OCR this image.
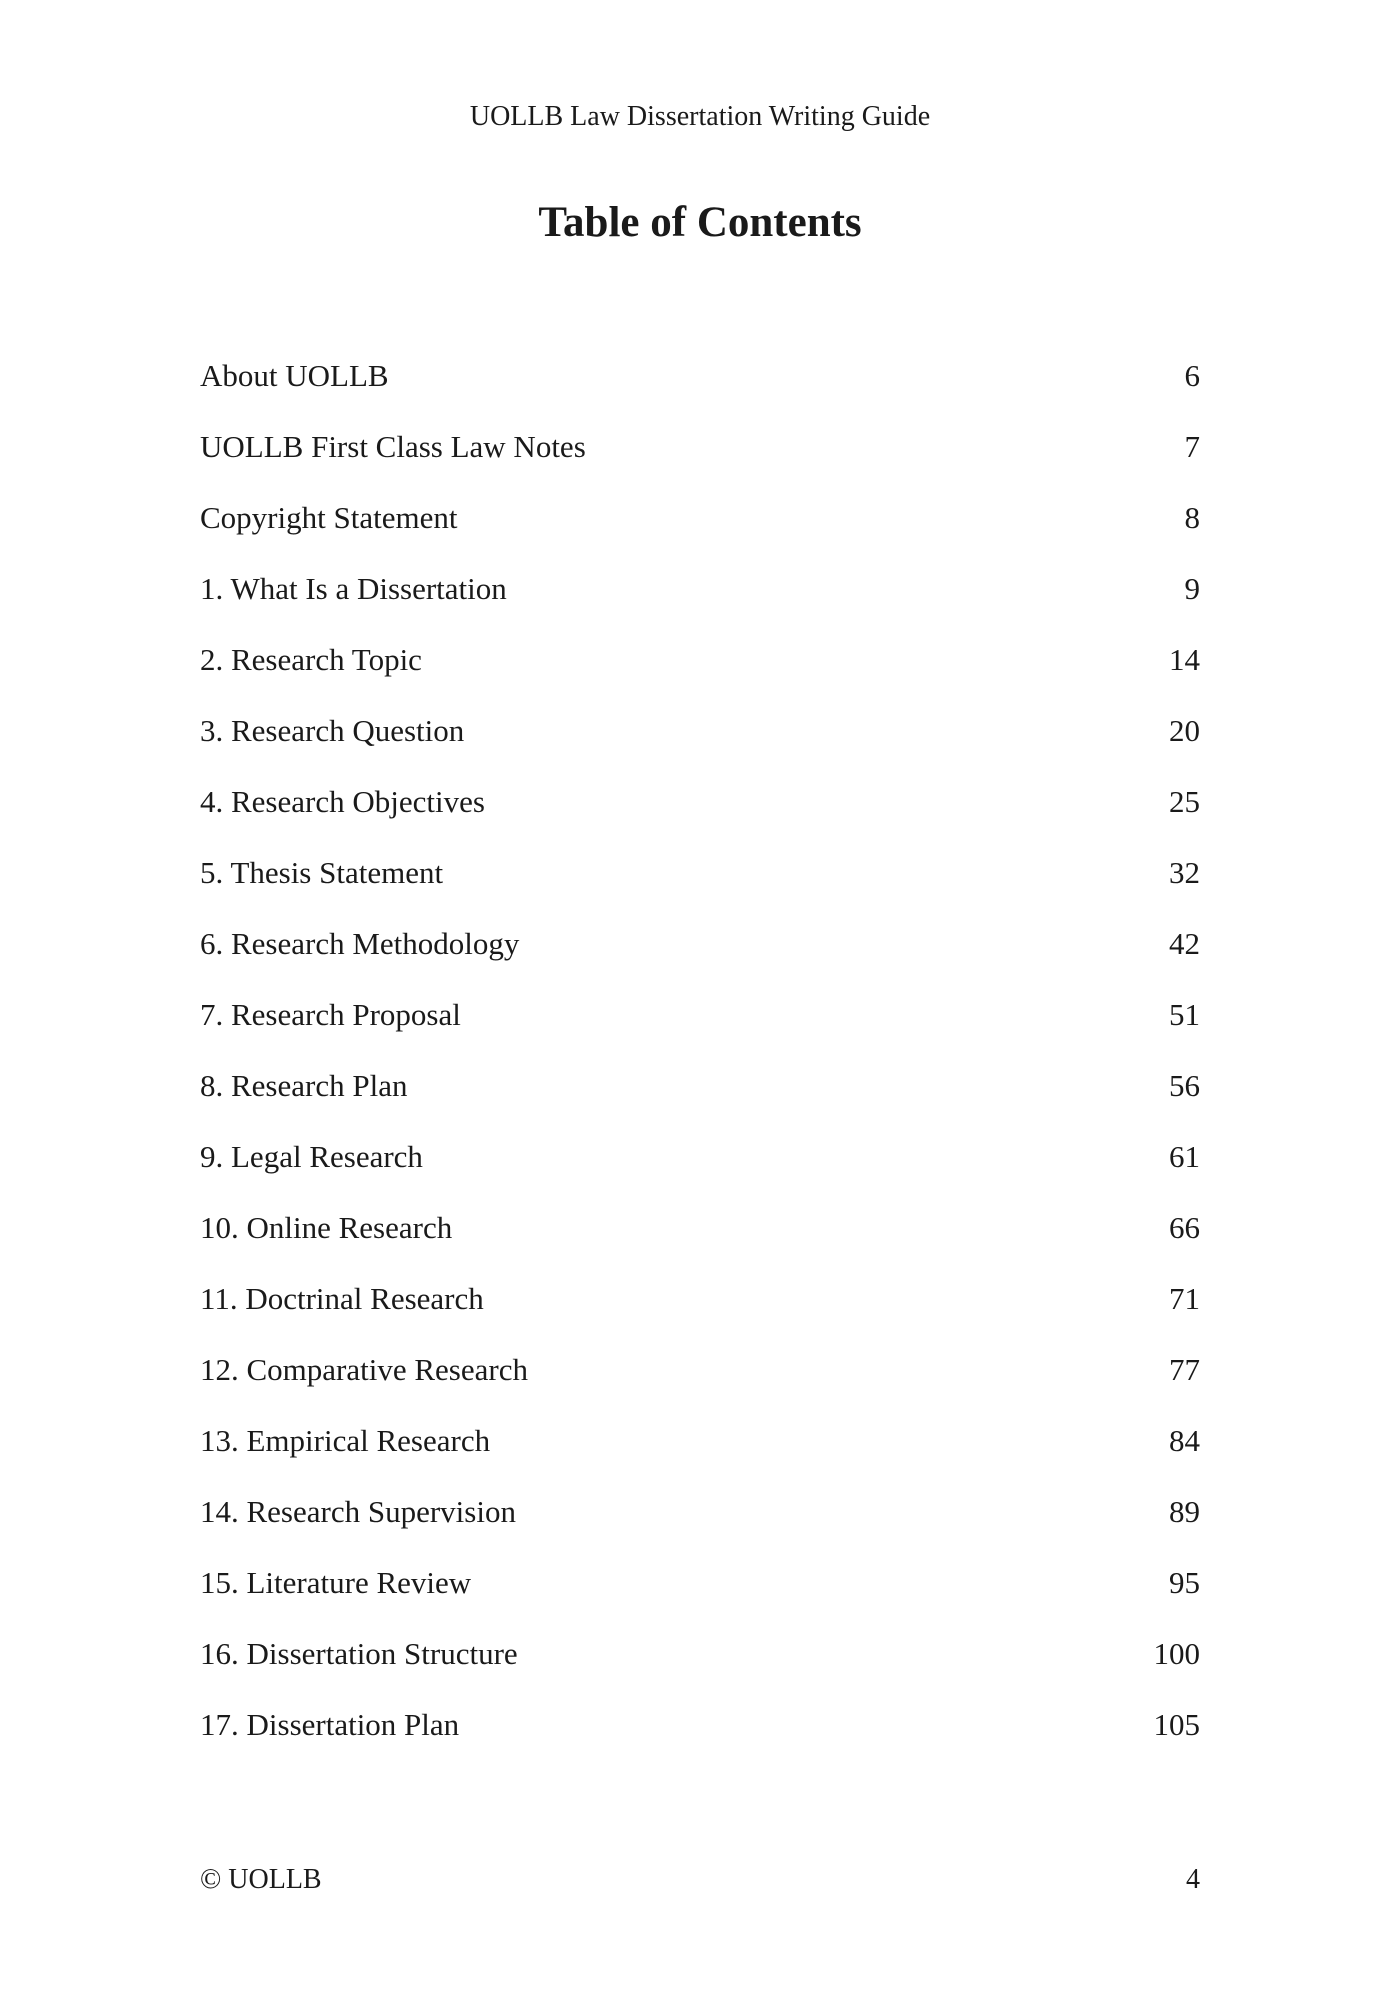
UOLLB Law Dissertation Writing Guide
Table of Contents
About UOLLB	6
UOLLB First Class Law Notes	7
Copyright Statement	8
1. What Is a Dissertation	9
2. Research Topic	14
3. Research Question	20
4. Research Objectives	25
5. Thesis Statement	32
6. Research Methodology	42
7. Research Proposal	51
8. Research Plan	56
9. Legal Research	61
10. Online Research	66
11. Doctrinal Research	71
12. Comparative Research	77
13. Empirical Research	84
14. Research Supervision	89
15. Literature Review	95
16. Dissertation Structure	100
17. Dissertation Plan	105
© UOLLB	4
